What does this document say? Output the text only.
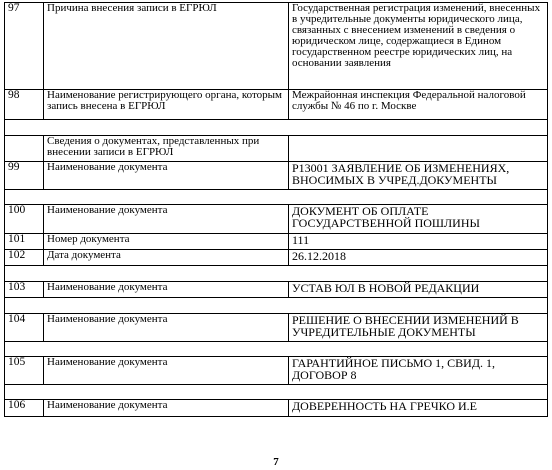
97	Причина внесения записи в ЕГРЮЛ	Государственная регистрация изменений, внесенных в учредительные документы юридического лица, связанных с внесением изменений в сведения о юридическом лице, содержащиеся в Едином государственном реестре юридических лиц, на основании заявления
98	Наименование регистрирующего органа, которым запись внесена в ЕГРЮЛ	Межрайонная инспекция Федеральной налоговой службы № 46 по г. Москве

	Сведения о документах, представленных при внесении записи в ЕГРЮЛ	
99	Наименование документа	Р13001 ЗАЯВЛЕНИЕ ОБ ИЗМЕНЕНИЯХ, ВНОСИМЫХ В УЧРЕД.ДОКУМЕНТЫ

100	Наименование документа	ДОКУМЕНТ ОБ ОПЛАТЕ ГОСУДАРСТВЕННОЙ ПОШЛИНЫ
101	Номер документа	111
102	Дата документа	26.12.2018

103	Наименование документа	УСТАВ ЮЛ В НОВОЙ РЕДАКЦИИ

104	Наименование документа	РЕШЕНИЕ О ВНЕСЕНИИ ИЗМЕНЕНИЙ В УЧРЕДИТЕЛЬНЫЕ ДОКУМЕНТЫ

105	Наименование документа	ГАРАНТИЙНОЕ ПИСЬМО 1, СВИД. 1, ДОГОВОР 8

106	Наименование документа	ДОВЕРЕННОСТЬ НА ГРЕЧКО И.Е
7
